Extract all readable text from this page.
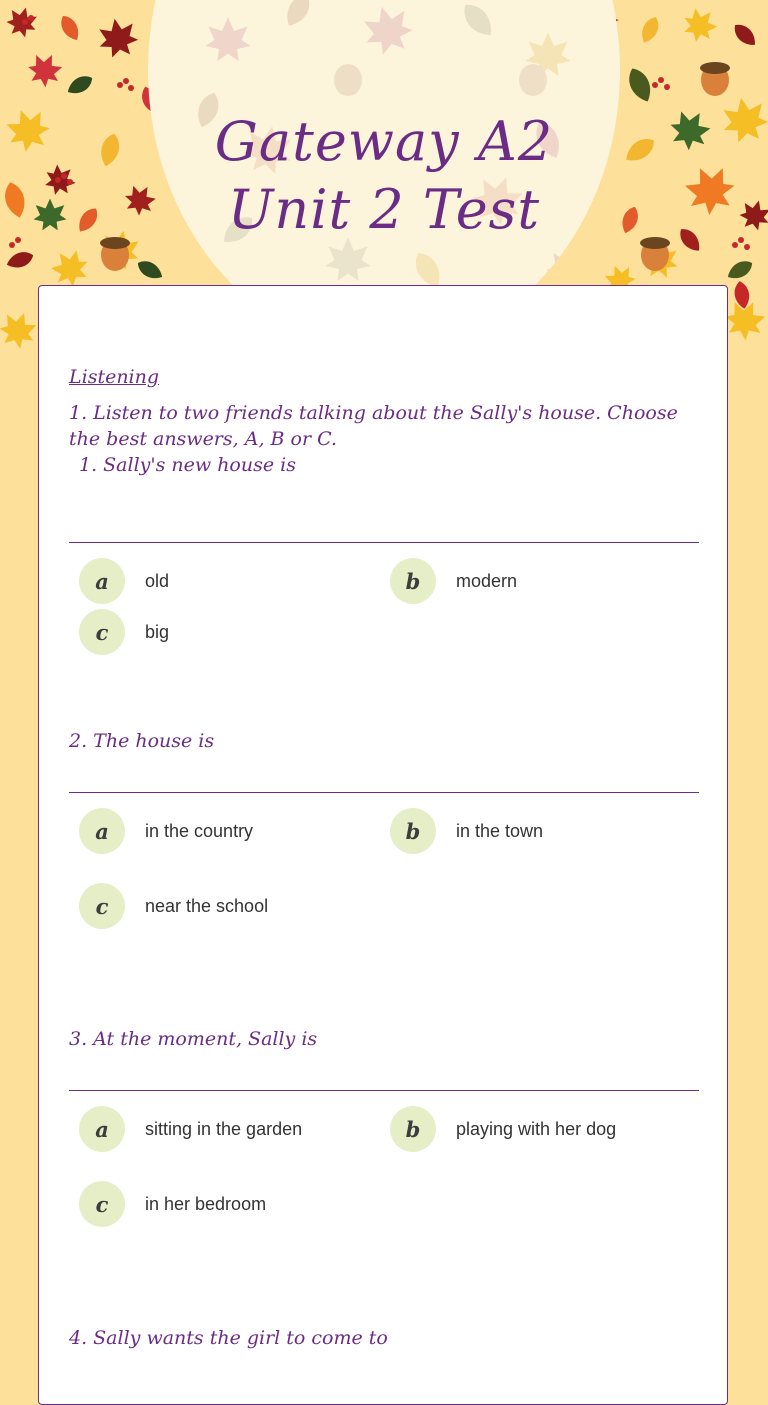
Gateway A2
Unit 2 Test
Listening
1. Listen to two friends talking about the Sally's house. Choose the best answers, A, B or C.
1. Sally's new house is
a	old	b	modern
c	big
2. The house is
a	in the country	b	in the town
c	near the school
3. At the moment, Sally is
a	sitting in the garden	b	playing with her dog
c	in her bedroom
4. Sally wants the girl to come to
